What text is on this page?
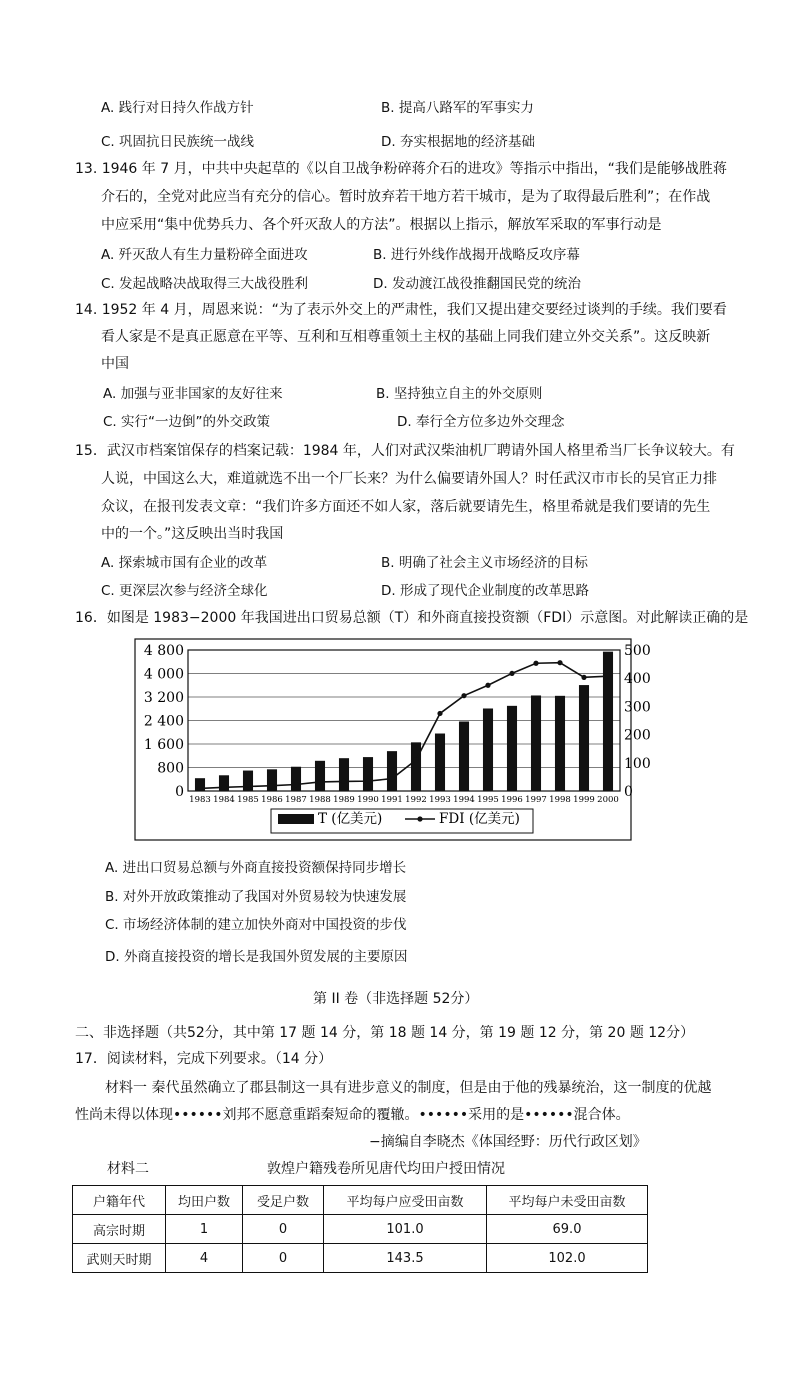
A. 践行对日持久作战方针	B. 提高八路军的军事实力
C. 巩固抗日民族统一战线	D. 夯实根据地的经济基础
13. 1946 年 7 月，中共中央起草的《以自卫战争粉碎蒋介石的进攻》等指示中指出，“我们是能够战胜蒋
介石的，全党对此应当有充分的信心。暂时放弃若干地方若干城市，是为了取得最后胜利”；在作战
中应采用“集中优势兵力、各个歼灭敌人的方法”。根据以上指示，解放军采取的军事行动是
A. 歼灭敌人有生力量粉碎全面进攻	B. 进行外线作战揭开战略反攻序幕
C. 发起战略决战取得三大战役胜利	D. 发动渡江战役推翻国民党的统治
14. 1952 年 4 月，周恩来说：“为了表示外交上的严肃性，我们又提出建交要经过谈判的手续。我们要看
看人家是不是真正愿意在平等、互利和互相尊重领土主权的基础上同我们建立外交关系”。这反映新
中国
A. 加强与亚非国家的友好往来	B. 坚持独立自主的外交原则
C. 实行“一边倒”的外交政策	D. 奉行全方位多边外交理念
15．武汉市档案馆保存的档案记载：1984 年，人们对武汉柴油机厂聘请外国人格里希当厂长争议较大。有
人说，中国这么大，难道就选不出一个厂长来？为什么偏要请外国人？时任武汉市市长的吴官正力排
众议，在报刊发表文章：“我们许多方面还不如人家，落后就要请先生，格里希就是我们要请的先生
中的一个。”这反映出当时我国
A. 探索城市国有企业的改革	B. 明确了社会主义市场经济的目标
C. 更深层次参与经济全球化	D. 形成了现代企业制度的改革思路
16．如图是 1983−2000 年我国进出口贸易总额（T）和外商直接投资额（FDI）示意图。对此解读正确的是
0
800
1 600
2 400
3 200
4 000
4 800
0
100
200
300
400
500
1983 1984 1985 1986 1987 1988 1989 1990 1991 1992 1993 1994 1995 1996 1997 1998 1999 2000
T (亿美元)	FDI (亿美元)
A. 进出口贸易总额与外商直接投资额保持同步增长
B. 对外开放政策推动了我国对外贸易较为快速发展
C. 市场经济体制的建立加快外商对中国投资的步伐
D. 外商直接投资的增长是我国外贸发展的主要原因
第 II 卷（非选择题 52分）
二、非选择题（共52分，其中第 17 题 14 分，第 18 题 14 分，第 19 题 12 分，第 20 题 12分）
17．阅读材料，完成下列要求。（14 分）
材料一 秦代虽然确立了郡县制这一具有进步意义的制度，但是由于他的残暴统治，这一制度的优越
性尚未得以体现••••••刘邦不愿意重蹈秦短命的覆辙。••••••采用的是••••••混合体。
−摘编自李晓杰《体国经野：历代行政区划》
材料二	敦煌户籍残卷所见唐代均田户授田情况
户籍年代	均田户数	受足户数	平均每户应受田亩数	平均每户未受田亩数
高宗时期	1	0	101.0	69.0
武则天时期	4	0	143.5	102.0
